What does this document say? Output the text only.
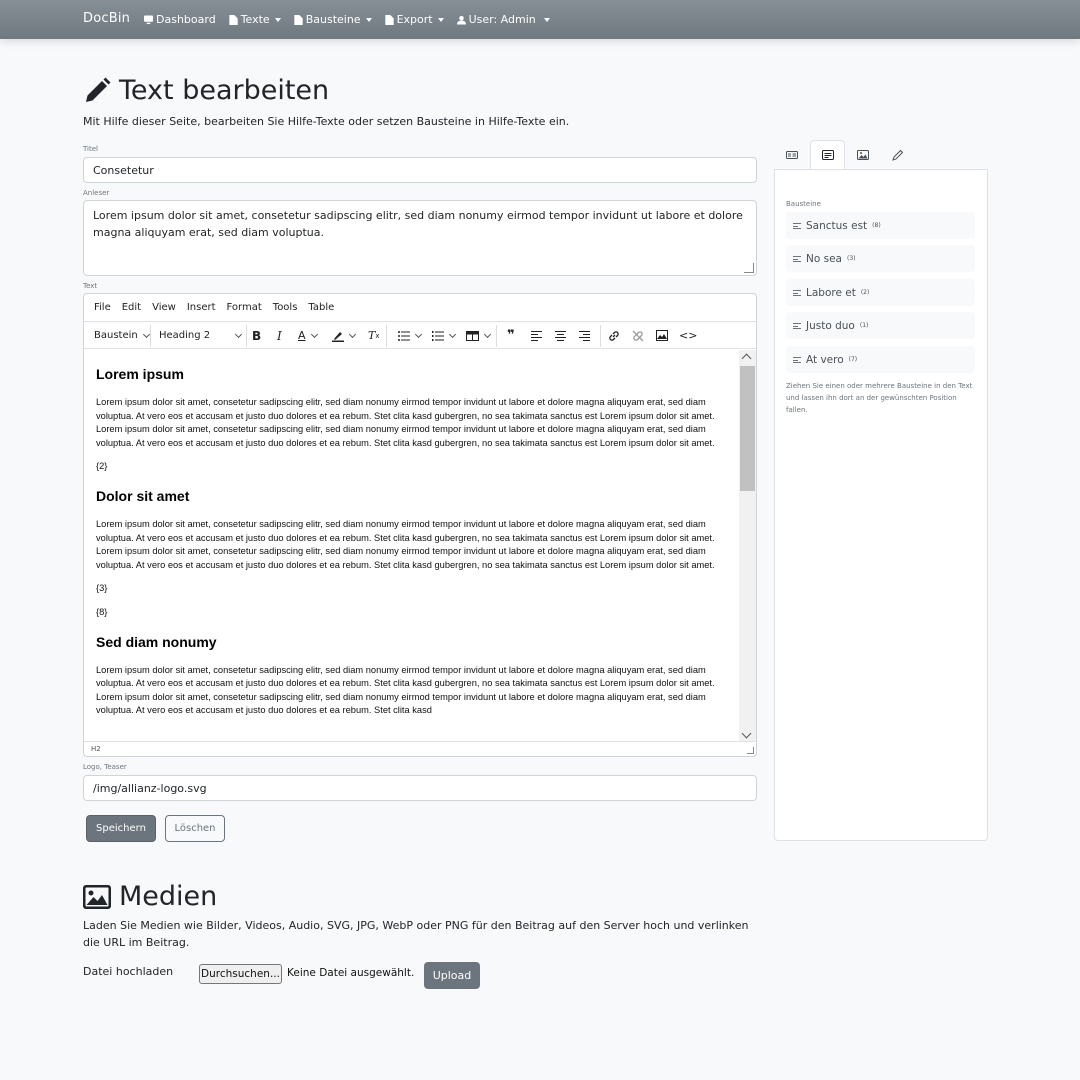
DocBin Dashboard Texte	Bausteine	Export	User: Admin
Text bearbeiten
Mit Hilfe dieser Seite, bearbeiten Sie Hilfe-Texte oder setzen Bausteine in Hilfe-Texte ein.
Titel
Consetetur
Anleser
Lorem ipsum dolor sit amet, consetetur sadipscing elitr, sed diam nonumy eirmod tempor invidunt ut labore et dolore magna aliquyam erat, sed diam voluptua.
Text
File Edit View Insert Format Tools Table
Baustein Heading 2	B I A	T x	❞	<>
Lorem ipsum

Lorem ipsum dolor sit amet, consetetur sadipscing elitr, sed diam nonumy eirmod tempor invidunt ut labore et dolore magna aliquyam erat, sed diam voluptua. At vero eos et accusam et justo duo dolores et ea rebum. Stet clita kasd gubergren, no sea takimata sanctus est Lorem ipsum dolor sit amet. Lorem ipsum dolor sit amet, consetetur sadipscing elitr, sed diam nonumy eirmod tempor invidunt ut labore et dolore magna aliquyam erat, sed diam voluptua. At vero eos et accusam et justo duo dolores et ea rebum. Stet clita kasd gubergren, no sea takimata sanctus est Lorem ipsum dolor sit amet.

{2}

Dolor sit amet

Lorem ipsum dolor sit amet, consetetur sadipscing elitr, sed diam nonumy eirmod tempor invidunt ut labore et dolore magna aliquyam erat, sed diam voluptua. At vero eos et accusam et justo duo dolores et ea rebum. Stet clita kasd gubergren, no sea takimata sanctus est Lorem ipsum dolor sit amet. Lorem ipsum dolor sit amet, consetetur sadipscing elitr, sed diam nonumy eirmod tempor invidunt ut labore et dolore magna aliquyam erat, sed diam voluptua. At vero eos et accusam et justo duo dolores et ea rebum. Stet clita kasd gubergren, no sea takimata sanctus est Lorem ipsum dolor sit amet.

{3}

{8}

Sed diam nonumy

Lorem ipsum dolor sit amet, consetetur sadipscing elitr, sed diam nonumy eirmod tempor invidunt ut labore et dolore magna aliquyam erat, sed diam voluptua. At vero eos et accusam et justo duo dolores et ea rebum. Stet clita kasd gubergren, no sea takimata sanctus est Lorem ipsum dolor sit amet. Lorem ipsum dolor sit amet, consetetur sadipscing elitr, sed diam nonumy eirmod tempor invidunt ut labore et dolore magna aliquyam erat, sed diam voluptua. At vero eos et accusam et justo duo dolores et ea rebum. Stet clita kasd

H2
Logo, Teaser
/img/allianz-logo.svg
Speichern	Löschen
Bausteine
Sanctus est (8)
No sea (3)
Labore et (2)
Justo duo (1)
At vero (7)
Ziehen Sie einen oder mehrere Bausteine in den Text und lassen ihn dort an der gewünschten Position fallen.
Medien
Laden Sie Medien wie Bilder, Videos, Audio, SVG, JPG, WebP oder PNG für den Beitrag auf den Server hoch und verlinken die URL im Beitrag.
Datei hochladen	Durchsuchen... Keine Datei ausgewählt.	Upload
